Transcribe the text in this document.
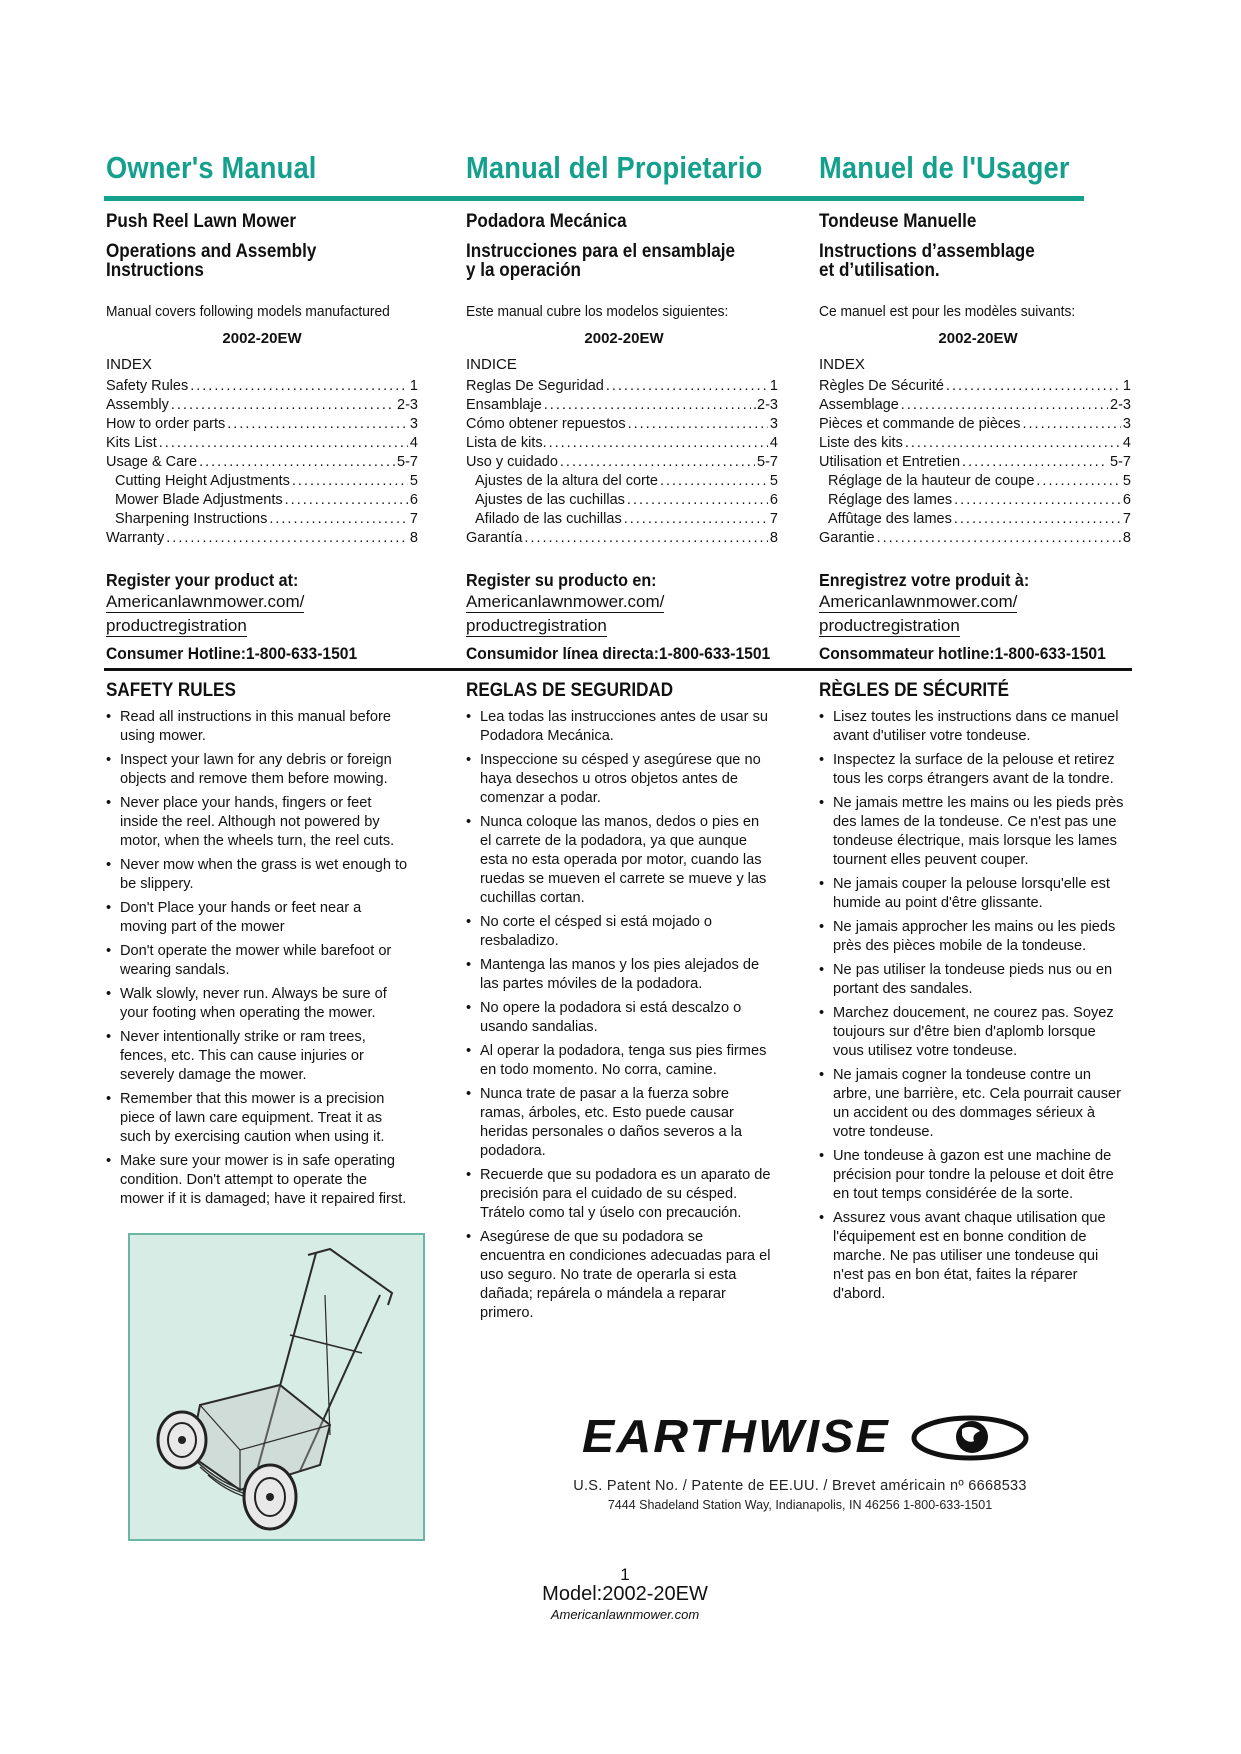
Owner's Manual	Manual del Propietario Manuel de l'Usager
Push Reel Lawn Mower	Podadora Mecánica	Tondeuse Manuelle
Operations and Assembly
Instructions
Instrucciones para el ensamblaje
y la operación
Instructions d’assemblage
et d’utilisation.
Manual covers following models manufactured	Este manual cubre los modelos siguientes:	Ce manuel est pour les modèles suivants:
2002-20EW	2002-20EW	2002-20EW
INDEX	INDICE	INDEX
Safety Rules .....	1
Assembly .....	2-3
How to order parts .....	3
Kits List .....	4
Usage & Care .....	5-7
Cutting Height Adjustments .....	5
Mower Blade Adjustments .....	6
Sharpening Instructions .....	7
Warranty .....	8
Reglas De Seguridad .....	1
Ensamblaje .....	.2-3
Cómo obtener repuestos .....	3
Lista de kits. .....	4
Uso y cuidado .....	5-7
Ajustes de la altura del corte .....	5
Ajustes de las cuchillas .....	6
Afilado de las cuchillas .....	7
Garantía .....	8
Règles De Sécurité .....	1
Assemblage .....	2-3
Pièces et commande de pièces .....	3
Liste des kits .....	4
Utilisation et Entretien .....	5-7
Réglage de la hauteur de coupe .....	5
Réglage des lames .....	6
Affûtage des lames .....	7
Garantie .....	8
Register your product at:	Register su producto en:	Enregistrez votre produit à:
Americanlawnmower.com/
productregistration
Americanlawnmower.com/
productregistration
Americanlawnmower.com/
productregistration
Consumer Hotline:1-800-633-1501	Consumidor línea directa:1-800-633-1501	Consommateur hotline:1-800-633-1501
SAFETY RULES	REGLAS DE SEGURIDAD	RÈGLES DE SÉCURITÉ
• Read all instructions in this manual before using mower.
• Inspect your lawn for any debris or foreign objects and remove them before mowing.
• Never place your hands, fingers or feet inside the reel. Although not powered by motor, when the wheels turn, the reel cuts.
• Never mow when the grass is wet enough to be slippery.
• Don't Place your hands or feet near a moving part of the mower
• Don't operate the mower while barefoot or wearing sandals.
• Walk slowly, never run. Always be sure of your footing when operating the mower.
• Never intentionally strike or ram trees, fences, etc. This can cause injuries or severely damage the mower.
• Remember that this mower is a precision piece of lawn care equipment. Treat it as such by exercising caution when using it.
• Make sure your mower is in safe operating condition. Don't attempt to operate the mower if it is damaged; have it repaired first.
• Lea todas las instrucciones antes de usar su Podadora Mecánica.
• Inspeccione su césped y asegúrese que no haya desechos u otros objetos antes de comenzar a podar.
• Nunca coloque las manos, dedos o pies en el carrete de la podadora, ya que aunque esta no esta operada por motor, cuando las ruedas se mueven el carrete se mueve y las cuchillas cortan.
• No corte el césped si está mojado o resbaladizo.
• Mantenga las manos y los pies alejados de las partes móviles de la podadora.
• No opere la podadora si está descalzo o usando sandalias.
• Al operar la podadora, tenga sus pies firmes en todo momento. No corra, camine.
• Nunca trate de pasar a la fuerza sobre ramas, árboles, etc. Esto puede causar heridas personales o daños severos a la podadora.
• Recuerde que su podadora es un aparato de precisión para el cuidado de su césped. Trátelo como tal y úselo con precaución.
• Asegúrese de que su podadora se encuentra en condiciones adecuadas para el uso seguro. No trate de operarla si esta dañada; repárela o mándela a reparar primero.
• Lisez toutes les instructions dans ce manuel avant d'utiliser votre tondeuse.
• Inspectez la surface de la pelouse et retirez tous les corps étrangers avant de la tondre.
• Ne jamais mettre les mains ou les pieds près des lames de la tondeuse. Ce n'est pas une tondeuse électrique, mais lorsque les lames tournent elles peuvent couper.
• Ne jamais couper la pelouse lorsqu'elle est humide au point d'être glissante.
• Ne jamais approcher les mains ou les pieds près des pièces mobile de la tondeuse.
• Ne pas utiliser la tondeuse pieds nus ou en portant des sandales.
• Marchez doucement, ne courez pas. Soyez toujours sur d'être bien d'aplomb lorsque vous utilisez votre tondeuse.
• Ne jamais cogner la tondeuse contre un arbre, une barrière, etc. Cela pourrait causer un accident ou des dommages sérieux à votre tondeuse.
• Une tondeuse à gazon est une machine de précision pour tondre la pelouse et doit être en tout temps considérée de la sorte.
• Assurez vous avant chaque utilisation que l'équipement est en bonne condition de marche. Ne pas utiliser une tondeuse qui n'est pas en bon état, faites la réparer d'abord.
EARTHWISE
U.S. Patent No. / Patente de EE.UU. / Brevet américain nº 6668533
7444 Shadeland Station Way, Indianapolis, IN 46256 1-800-633-1501
1
Model:2002-20EW
Americanlawnmower.com
